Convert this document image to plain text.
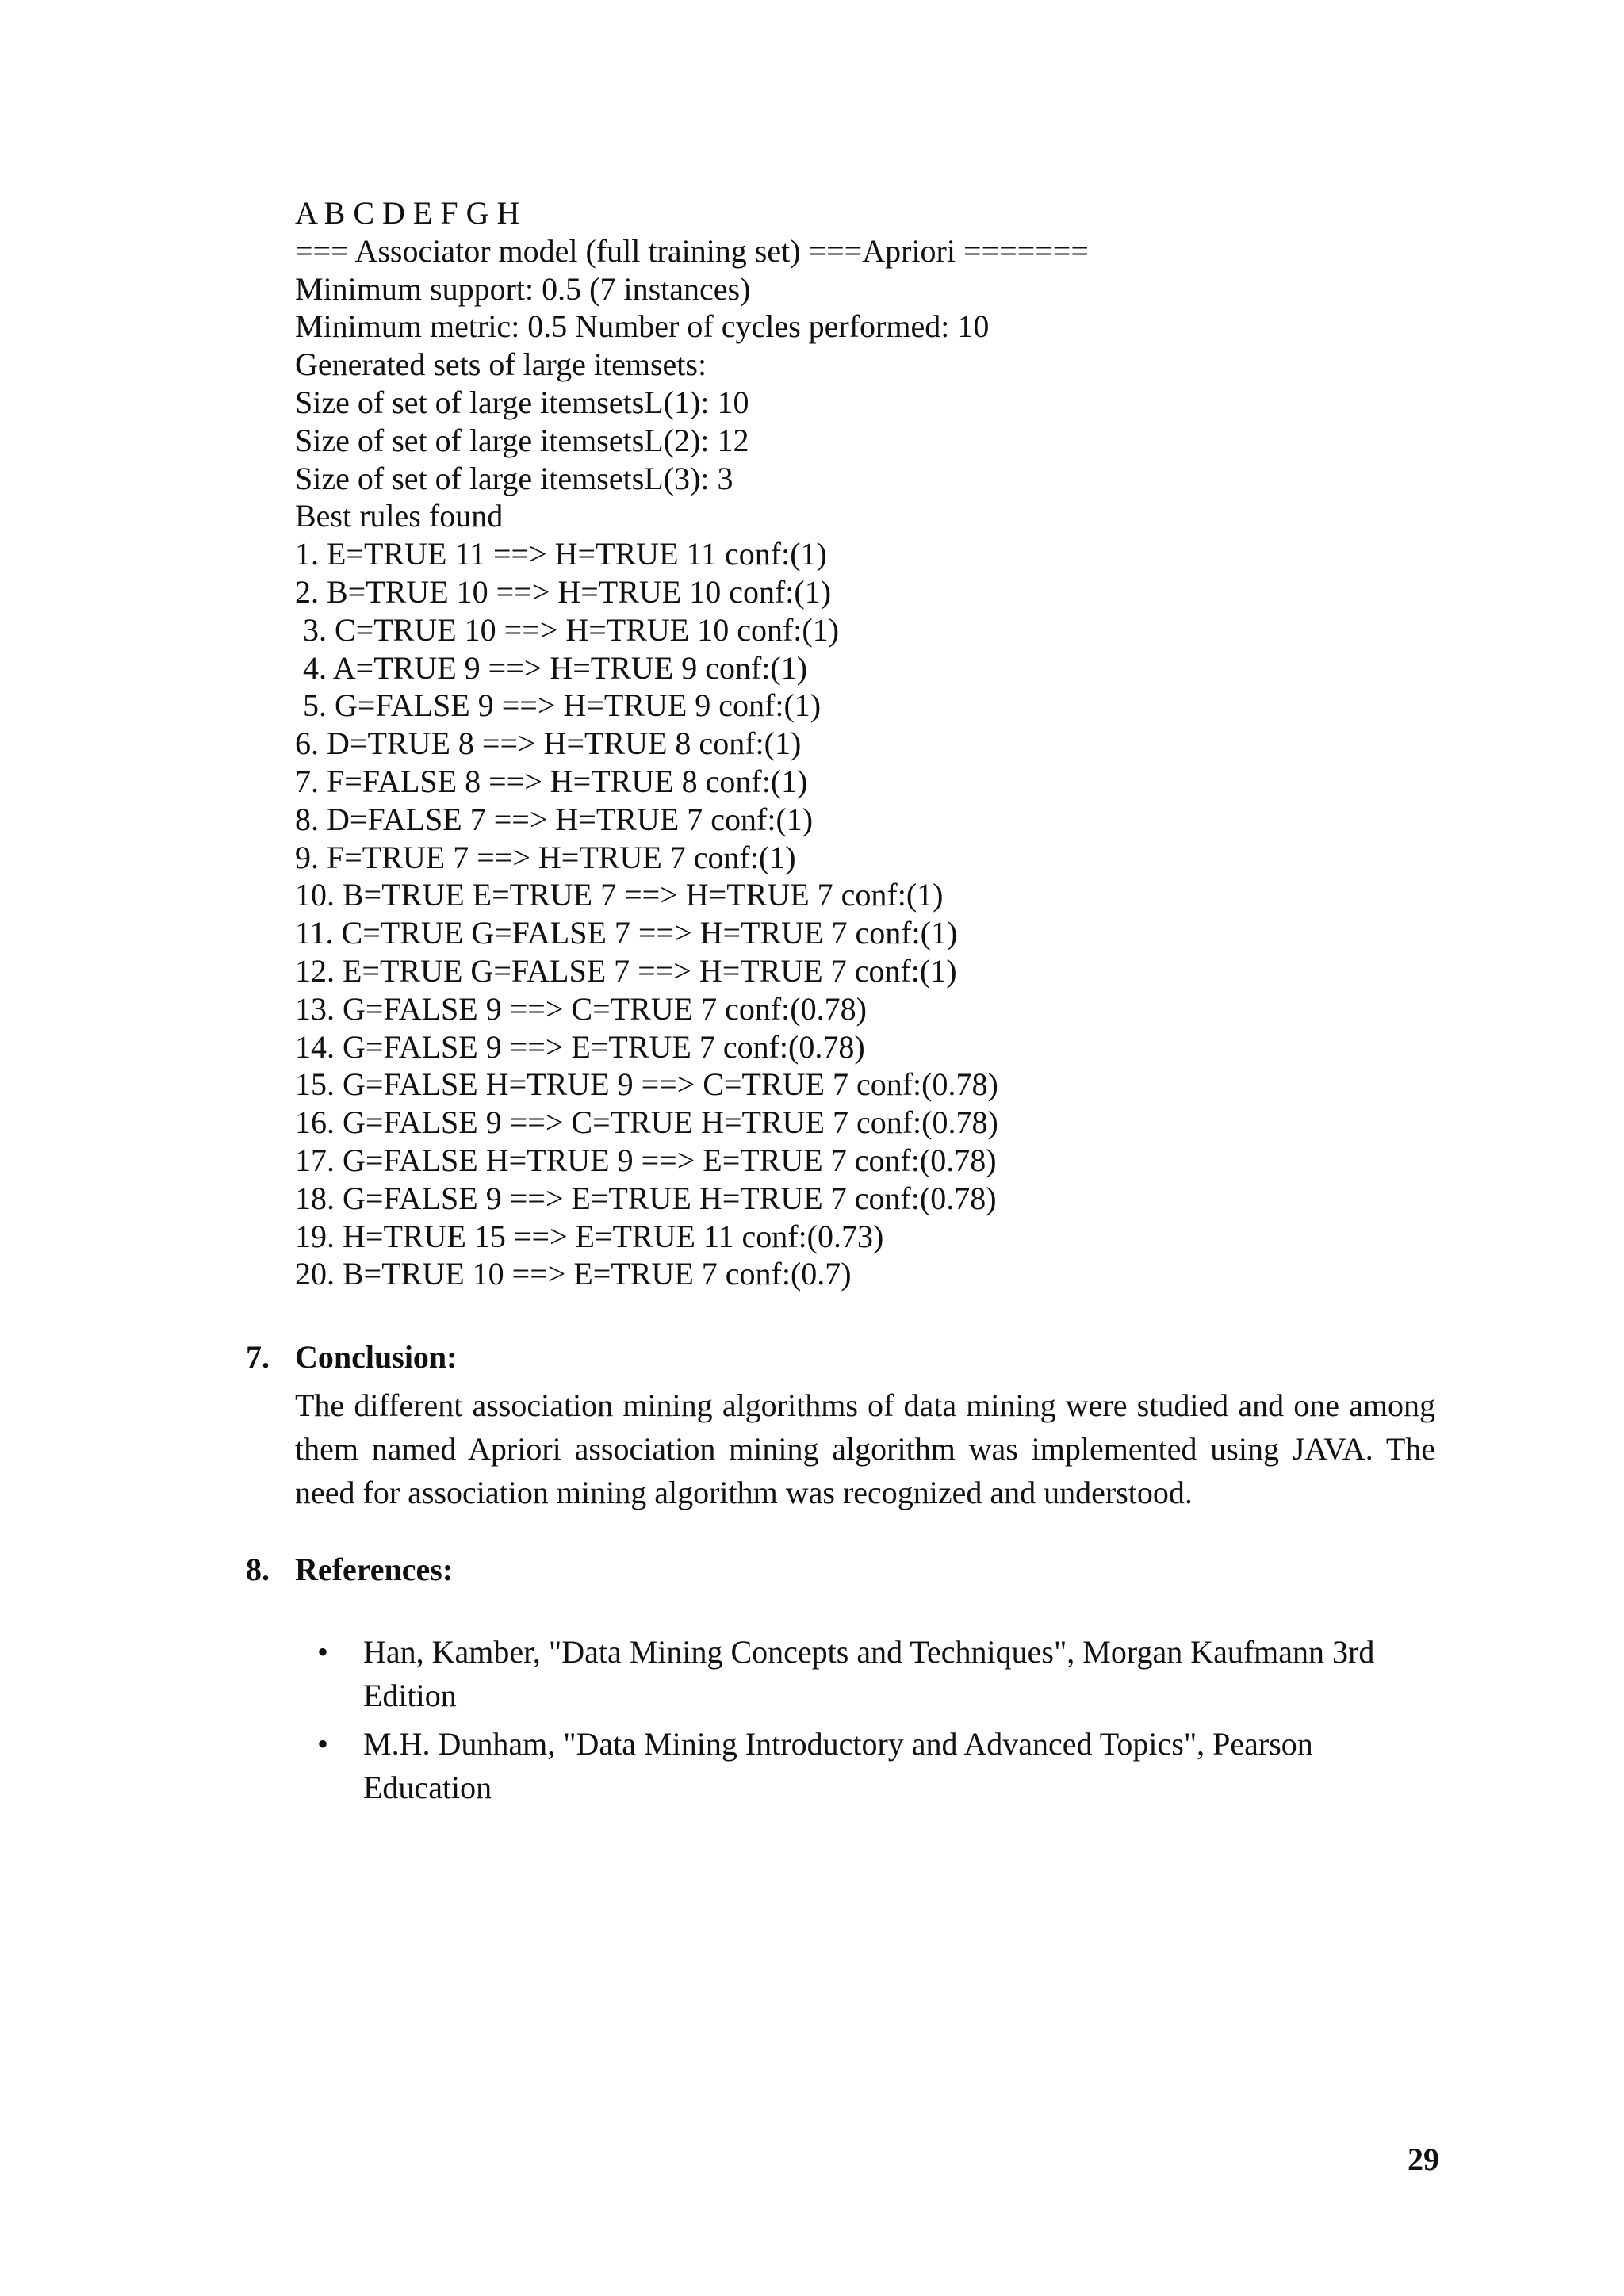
A B C D E F G H

=== Associator model (full training set) ===Apriori =======

Minimum support: 0.5 (7 instances)

Minimum metric: 0.5 Number of cycles performed: 10

Generated sets of large itemsets:

Size of set of large itemsetsL(1): 10

Size of set of large itemsetsL(2): 12

Size of set of large itemsetsL(3): 3

Best rules found

1. E=TRUE 11 ==> H=TRUE 11 conf:(1)

2. B=TRUE 10 ==> H=TRUE 10 conf:(1)

3. C=TRUE 10 ==> H=TRUE 10 conf:(1)

4. A=TRUE 9 ==> H=TRUE 9 conf:(1)

5. G=FALSE 9 ==> H=TRUE 9 conf:(1)

6. D=TRUE 8 ==> H=TRUE 8 conf:(1)

7. F=FALSE 8 ==> H=TRUE 8 conf:(1)

8. D=FALSE 7 ==> H=TRUE 7 conf:(1)

9. F=TRUE 7 ==> H=TRUE 7 conf:(1)

10. B=TRUE E=TRUE 7 ==> H=TRUE 7 conf:(1)

11. C=TRUE G=FALSE 7 ==> H=TRUE 7 conf:(1)

12. E=TRUE G=FALSE 7 ==> H=TRUE 7 conf:(1)

13. G=FALSE 9 ==> C=TRUE 7 conf:(0.78)

14. G=FALSE 9 ==> E=TRUE 7 conf:(0.78)

15. G=FALSE H=TRUE 9 ==> C=TRUE 7 conf:(0.78)

16. G=FALSE 9 ==> C=TRUE H=TRUE 7 conf:(0.78)

17. G=FALSE H=TRUE 9 ==> E=TRUE 7 conf:(0.78)

18. G=FALSE 9 ==> E=TRUE H=TRUE 7 conf:(0.78)

19. H=TRUE 15 ==> E=TRUE 11 conf:(0.73)

20. B=TRUE 10 ==> E=TRUE 7 conf:(0.7)

7. Conclusion:

The different association mining algorithms of data mining were studied and one among them named Apriori association mining algorithm was implemented using JAVA. The need for association mining algorithm was recognized and understood.

8. References:
• Han, Kamber, "Data Mining Concepts and Techniques", Morgan Kaufmann 3rd Edition
• M.H. Dunham, "Data Mining Introductory and Advanced Topics", Pearson Education
29
